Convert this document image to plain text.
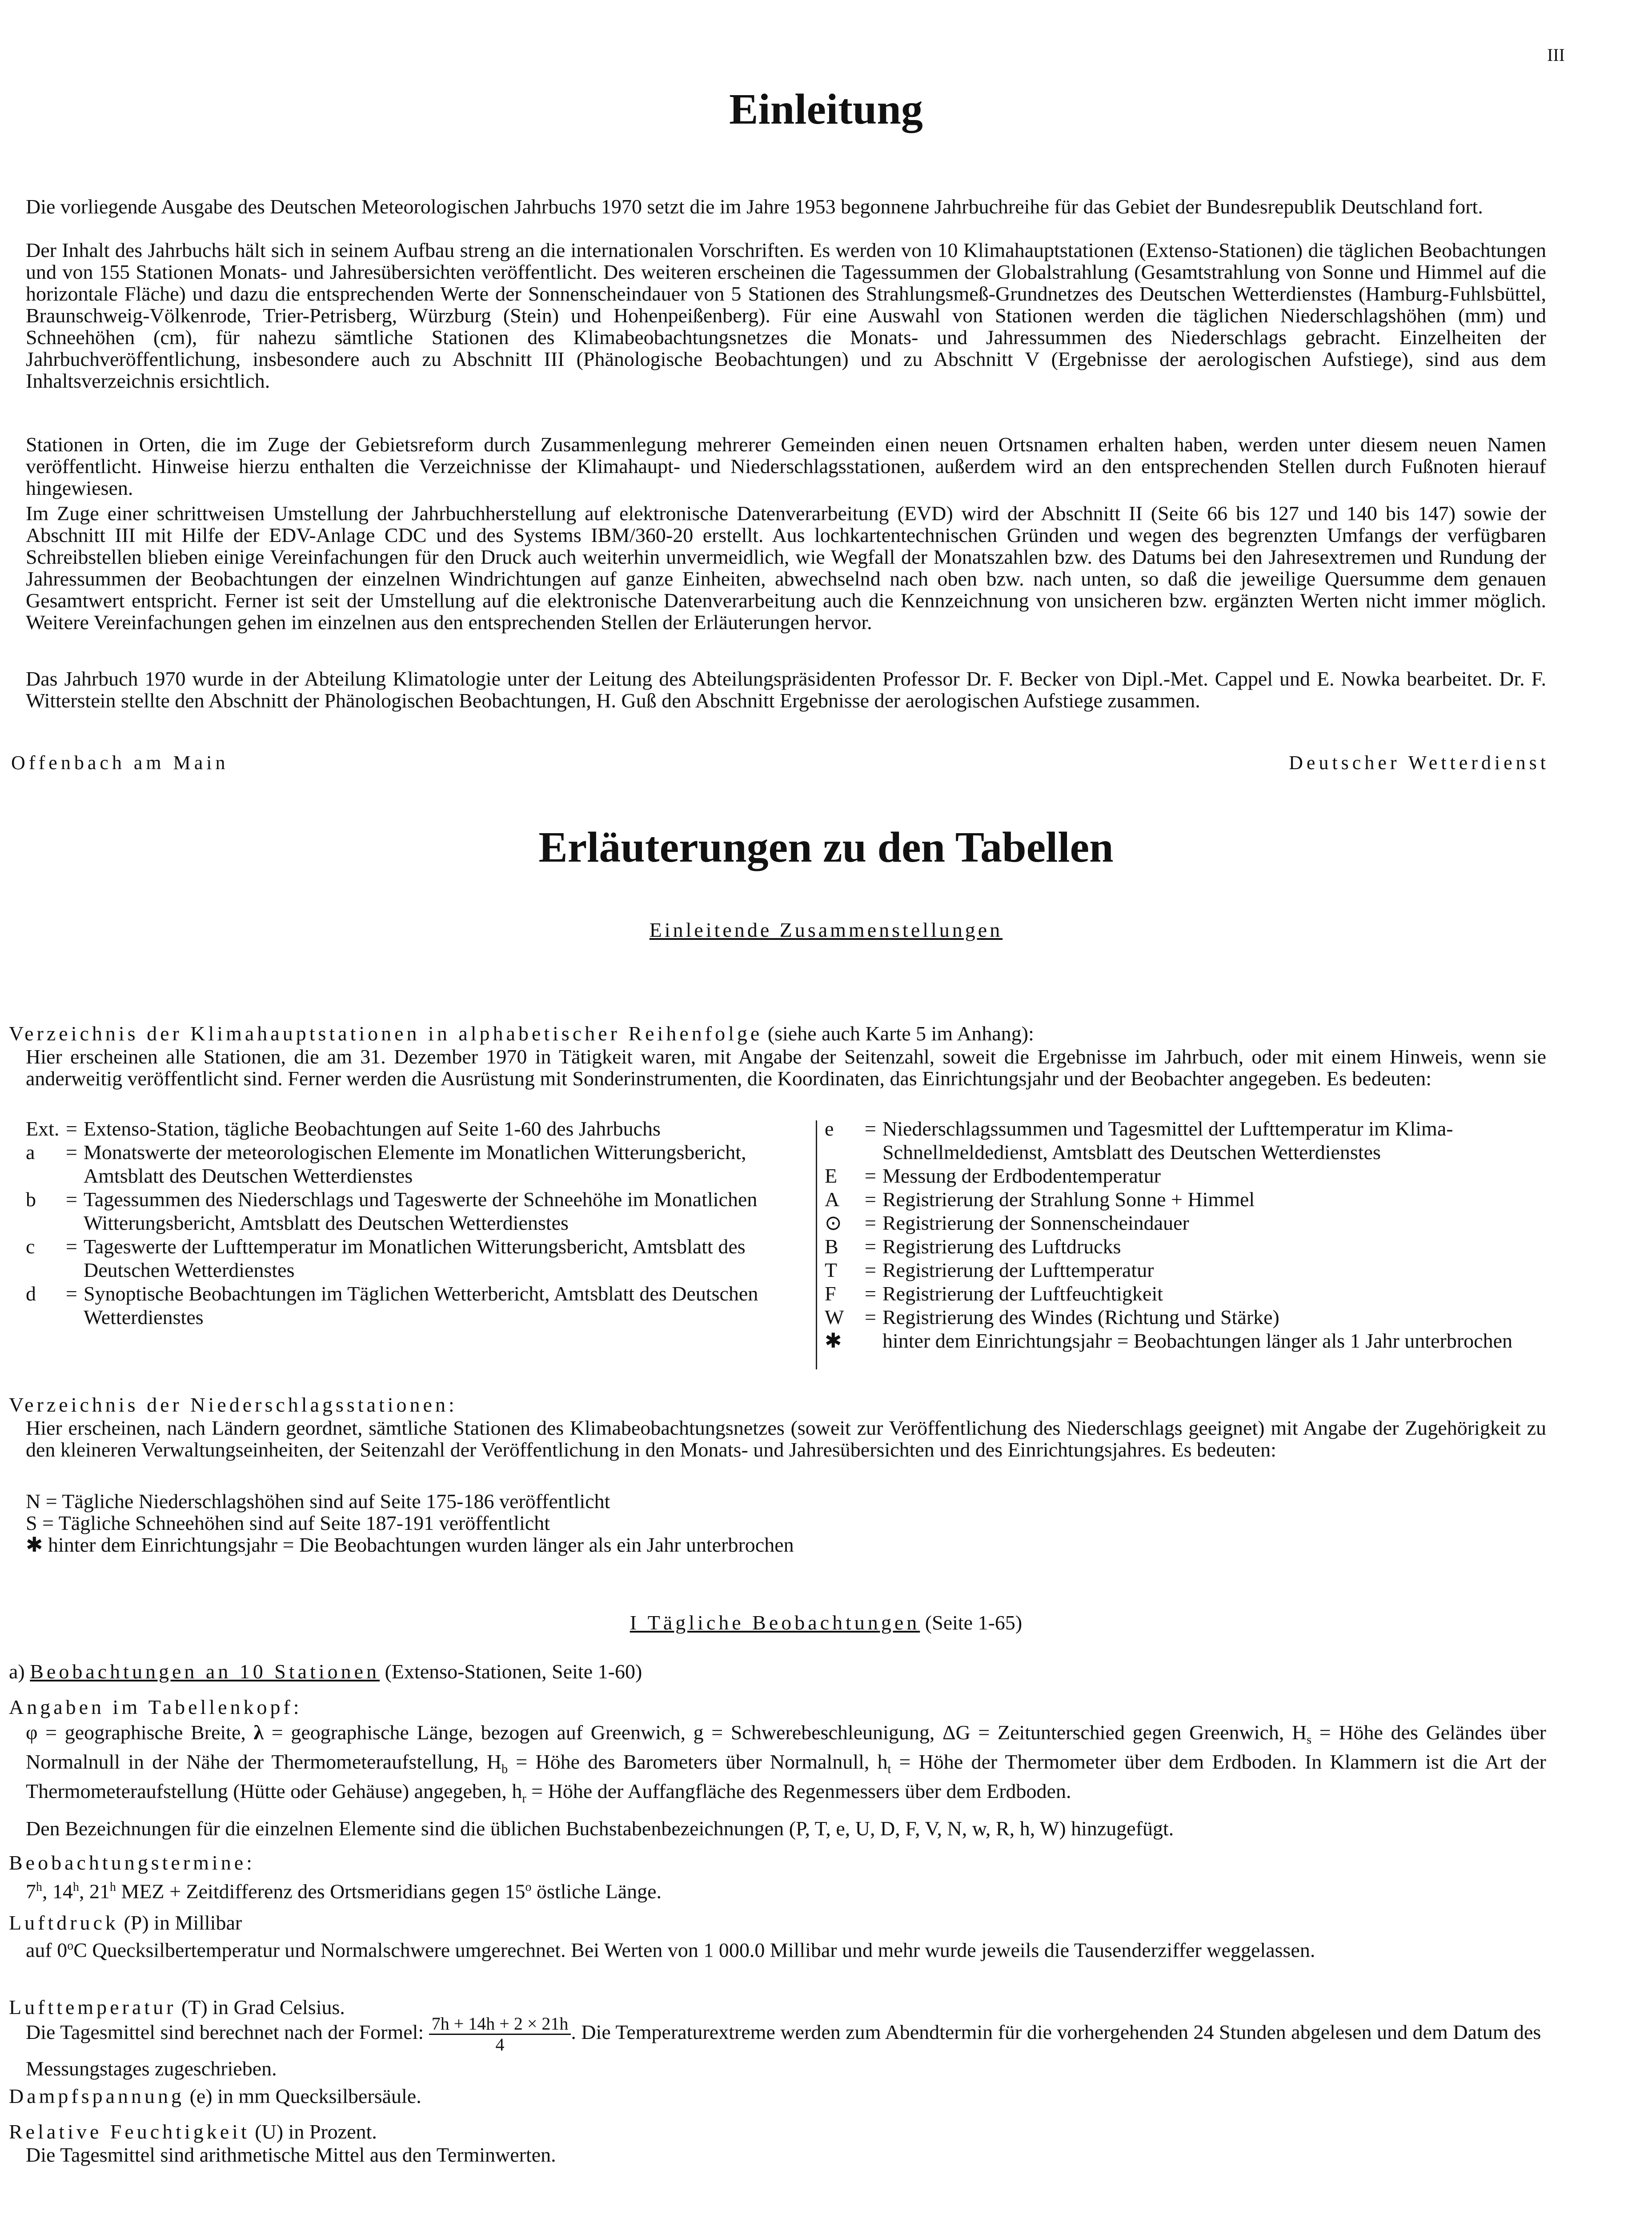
III
Einleitung

Die vorliegende Ausgabe des Deutschen Meteorologischen Jahrbuchs 1970 setzt die im Jahre 1953 begonnene Jahrbuchreihe für das Gebiet der Bundesrepublik Deutschland fort.

Der Inhalt des Jahrbuchs hält sich in seinem Aufbau streng an die internationalen Vorschriften. Es werden von 10 Klimahauptstationen (Extenso-Stationen) die täglichen Beobachtungen und von 155 Stationen Monats- und Jahresübersichten veröffentlicht. Des weiteren erscheinen die Tagessummen der Globalstrahlung (Gesamtstrahlung von Sonne und Himmel auf die horizontale Fläche) und dazu die entsprechenden Werte der Sonnenscheindauer von 5 Stationen des Strahlungsmeß-Grundnetzes des Deutschen Wetterdienstes (Hamburg-Fuhlsbüttel, Braunschweig-Völkenrode, Trier-Petrisberg, Würzburg (Stein) und Hohenpeißenberg). Für eine Auswahl von Stationen werden die täglichen Niederschlagshöhen (mm) und Schneehöhen (cm), für nahezu sämtliche Stationen des Klimabeobachtungsnetzes die Monats- und Jahressummen des Niederschlags gebracht. Einzelheiten der Jahrbuchveröffentlichung, insbesondere auch zu Abschnitt III (Phänologische Beobachtungen) und zu Abschnitt V (Ergebnisse der aerologischen Aufstiege), sind aus dem Inhaltsverzeichnis ersichtlich.

Stationen in Orten, die im Zuge der Gebietsreform durch Zusammenlegung mehrerer Gemeinden einen neuen Ortsnamen erhalten haben, werden unter diesem neuen Namen veröffentlicht. Hinweise hierzu enthalten die Verzeichnisse der Klimahaupt- und Niederschlagsstationen, außerdem wird an den entsprechenden Stellen durch Fußnoten hierauf hingewiesen.

Im Zuge einer schrittweisen Umstellung der Jahrbuchherstellung auf elektronische Datenverarbeitung (EVD) wird der Abschnitt II (Seite 66 bis 127 und 140 bis 147) sowie der Abschnitt III mit Hilfe der EDV-Anlage CDC und des Systems IBM/360-20 erstellt. Aus lochkartentechnischen Gründen und wegen des begrenzten Umfangs der verfügbaren Schreibstellen blieben einige Vereinfachungen für den Druck auch weiterhin unvermeidlich, wie Wegfall der Monatszahlen bzw. des Datums bei den Jahresextremen und Rundung der Jahressummen der Beobachtungen der einzelnen Windrichtungen auf ganze Einheiten, abwechselnd nach oben bzw. nach unten, so daß die jeweilige Quersumme dem genauen Gesamtwert entspricht. Ferner ist seit der Umstellung auf die elektronische Datenverarbeitung auch die Kennzeichnung von unsicheren bzw. ergänzten Werten nicht immer möglich. Weitere Vereinfachungen gehen im einzelnen aus den entsprechenden Stellen der Erläuterungen hervor.

Das Jahrbuch 1970 wurde in der Abteilung Klimatologie unter der Leitung des Abteilungspräsidenten Professor Dr. F. Becker von Dipl.-Met. Cappel und E. Nowka bearbeitet. Dr. F. Witterstein stellte den Abschnitt der Phänologischen Beobachtungen, H. Guß den Abschnitt Ergebnisse der aerologischen Aufstiege zusammen.

Offenbach am Main	Deutscher Wetterdienst
Erläuterungen zu den Tabellen
Einleitende Zusammenstellungen

Verzeichnis der Klimahauptstationen in alphabetischer Reihenfolge (siehe auch Karte 5 im Anhang):

Hier erscheinen alle Stationen, die am 31. Dezember 1970 in Tätigkeit waren, mit Angabe der Seitenzahl, soweit die Ergebnisse im Jahrbuch, oder mit einem Hinweis, wenn sie anderweitig veröffentlicht sind. Ferner werden die Ausrüstung mit Sonderinstrumenten, die Koordinaten, das Einrichtungsjahr und der Beobachter angegeben. Es bedeuten:

Ext. = Extenso-Station, tägliche Beobachtungen auf Seite 1-60 des Jahrbuchs
a	= Monatswerte der meteorologischen Elemente im Monatlichen Witterungsbericht, Amtsblatt des Deutschen Wetterdienstes
b	= Tagessummen des Niederschlags und Tageswerte der Schneehöhe im Monatlichen Witterungsbericht, Amtsblatt des Deutschen Wetterdienstes
c	= Tageswerte der Lufttemperatur im Monatlichen Witterungsbericht, Amtsblatt des Deutschen Wetterdienstes
d	= Synoptische Beobachtungen im Täglichen Wetterbericht, Amtsblatt des Deutschen Wetterdienstes
e	= Niederschlagssummen und Tagesmittel der Lufttemperatur im Klima-Schnellmeldedienst, Amtsblatt des Deutschen Wetterdienstes
E	= Messung der Erdbodentemperatur
A	= Registrierung der Strahlung Sonne + Himmel
⊙	= Registrierung der Sonnenscheindauer
B	= Registrierung des Luftdrucks
T	= Registrierung der Lufttemperatur
F	= Registrierung der Luftfeuchtigkeit
W	= Registrierung des Windes (Richtung und Stärke)
✱	hinter dem Einrichtungsjahr = Beobachtungen länger als 1 Jahr unterbrochen

Verzeichnis der Niederschlagsstationen:

Hier erscheinen, nach Ländern geordnet, sämtliche Stationen des Klimabeobachtungsnetzes (soweit zur Veröffentlichung des Niederschlags geeignet) mit Angabe der Zugehörigkeit zu den kleineren Verwaltungseinheiten, der Seitenzahl der Veröffentlichung in den Monats- und Jahresübersichten und des Einrichtungsjahres. Es bedeuten:

N = Tägliche Niederschlagshöhen sind auf Seite 175-186 veröffentlicht
S = Tägliche Schneehöhen sind auf Seite 187-191 veröffentlicht
✱ hinter dem Einrichtungsjahr = Die Beobachtungen wurden länger als ein Jahr unterbrochen
I Tägliche Beobachtungen (Seite 1-65)

a) Beobachtungen an 10 Stationen (Extenso-Stationen, Seite 1-60)

Angaben im Tabellenkopf:

φ = geographische Breite, λ = geographische Länge, bezogen auf Greenwich, g = Schwerebeschleunigung, ΔG = Zeitunterschied gegen Greenwich, $H_s$ = Höhe des Geländes über Normalnull in der Nähe der Thermometeraufstellung, $H_b$ = Höhe des Barometers über Normalnull, $h_t$ = Höhe der Thermometer über dem Erdboden. In Klammern ist die Art der Thermometeraufstellung (Hütte oder Gehäuse) angegeben, $h_r$ = Höhe der Auffangfläche des Regenmessers über dem Erdboden.

Den Bezeichnungen für die einzelnen Elemente sind die üblichen Buchstabenbezeichnungen (P, T, e, U, D, F, V, N, w, R, h, W) hinzugefügt.

Beobachtungstermine:

7$^h$, 14$^h$, 21$^h$ MEZ + Zeitdifferenz des Ortsmeridians gegen 15$^o$ östliche Länge.

Luftdruck (P) in Millibar

auf 0$^o$C Quecksilbertemperatur und Normalschwere umgerechnet. Bei Werten von 1 000.0 Millibar und mehr wurde jeweils die Tausenderziffer weggelassen.

Lufttemperatur (T) in Grad Celsius.

Die Tagesmittel sind berechnet nach der Formel: $\frac{7h + 14h + 2 \times 21h}{4}$ . Die Temperaturextreme werden zum Abendtermin für die vorhergehenden 24 Stunden abgelesen und dem Datum des Messungstages zugeschrieben.

Dampfspannung (e) in mm Quecksilbersäule.

Relative Feuchtigkeit (U) in Prozent.

Die Tagesmittel sind arithmetische Mittel aus den Terminwerten.
